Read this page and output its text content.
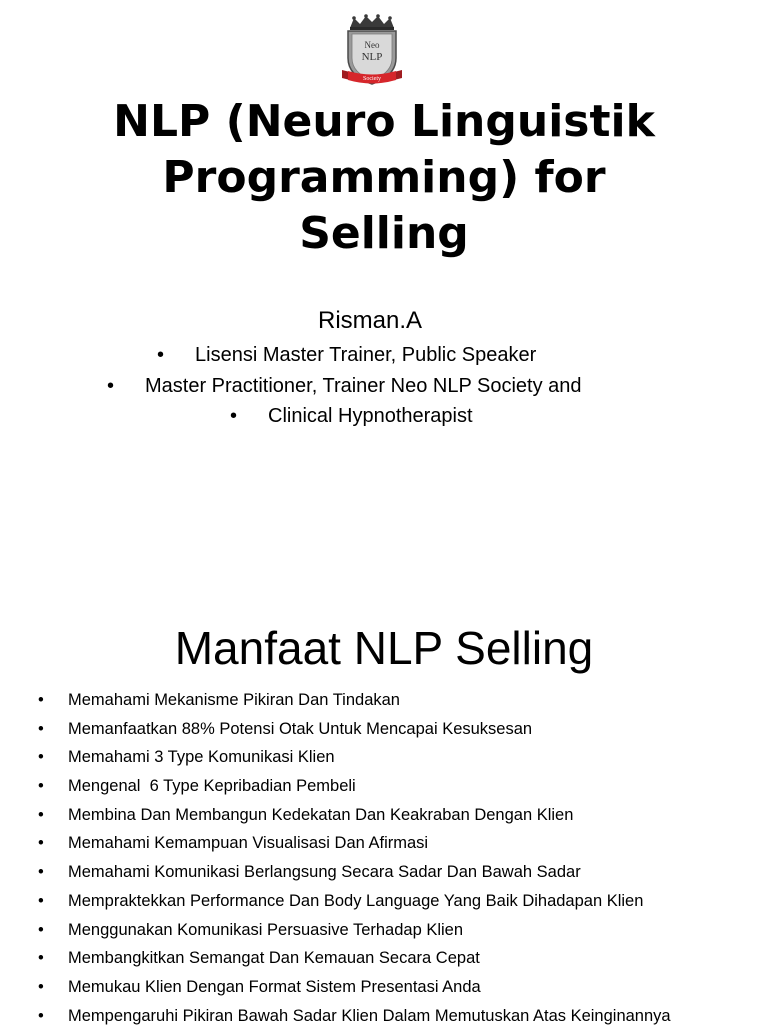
Neo
NLP
Society
NLP (Neuro Linguistik
Programming) for
Selling
Risman.A
• Lisensi Master Trainer, Public Speaker
• Master Practitioner, Trainer Neo NLP Society and
• Clinical Hypnotherapist
Manfaat NLP Selling
• Memahami Mekanisme Pikiran Dan Tindakan
• Memanfaatkan 88% Potensi Otak Untuk Mencapai Kesuksesan
• Memahami 3 Type Komunikasi Klien
• Mengenal  6 Type Kepribadian Pembeli
• Membina Dan Membangun Kedekatan Dan Keakraban Dengan Klien
• Memahami Kemampuan Visualisasi Dan Afirmasi
• Memahami Komunikasi Berlangsung Secara Sadar Dan Bawah Sadar
• Mempraktekkan Performance Dan Body Language Yang Baik Dihadapan Klien
• Menggunakan Komunikasi Persuasive Terhadap Klien
• Membangkitkan Semangat Dan Kemauan Secara Cepat
• Memukau Klien Dengan Format Sistem Presentasi Anda
• Mempengaruhi Pikiran Bawah Sadar Klien Dalam Memutuskan Atas Keinginannya
